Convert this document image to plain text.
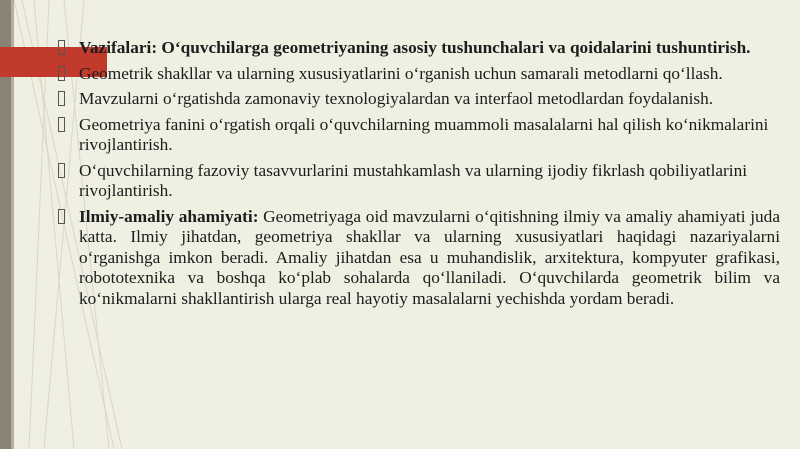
Vazifalari: O‘quvchilarga geometriyaning asosiy tushunchalari va qoidalarini tushuntirish.
Geometrik shakllar va ularning xususiyatlarini o‘rganish uchun samarali metodlarni qo‘llash.
Mavzularni o‘rgatishda zamonaviy texnologiyalardan va interfaol metodlardan foydalanish.
Geometriya fanini o‘rgatish orqali o‘quvchilarning muammoli masalalarni hal qilish ko‘nikmalarini rivojlantirish.
O‘quvchilarning fazoviy tasavvurlarini mustahkamlash va ularning ijodiy fikrlash qobiliyatlarini rivojlantirish.
Ilmiy-amaliy ahamiyati: Geometriyaga oid mavzularni o‘qitishning ilmiy va amaliy ahamiyati juda katta. Ilmiy jihatdan, geometriya shakllar va ularning xususiyatlari haqidagi nazariyalarni o‘rganishga imkon beradi. Amaliy jihatdan esa u muhandislik, arxitektura, kompyuter grafikasi, robototexnika va boshqa ko‘plab sohalarda qo‘llaniladi. O‘quvchilarda geometrik bilim va ko‘nikmalarni shakllantirish ularga real hayotiy masalalarni yechishda yordam beradi.
